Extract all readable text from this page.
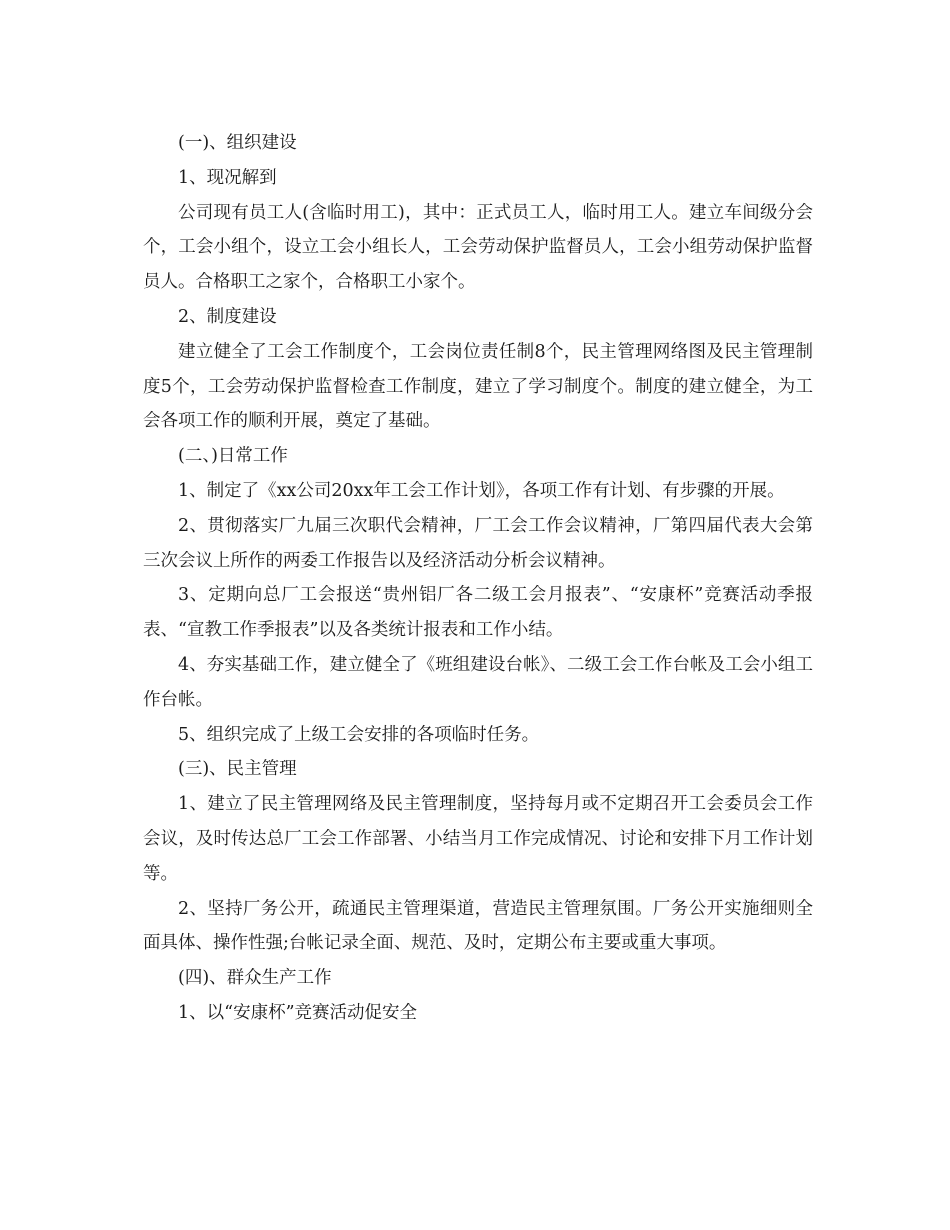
(一)、组织建设

1、现况解到

公司现有员工人(含临时用工)，其中：正式员工人，临时用工人。建立车间级分会个，工会小组个，设立工会小组长人，工会劳动保护监督员人，工会小组劳动保护监督员人。合格职工之家个，合格职工小家个。

2、制度建设

建立健全了工会工作制度个，工会岗位责任制8个，民主管理网络图及民主管理制度5个，工会劳动保护监督检查工作制度，建立了学习制度个。制度的建立健全，为工会各项工作的顺利开展，奠定了基础。

(二、)日常工作

1、制定了《xx公司20xx年工会工作计划》，各项工作有计划、有步骤的开展。

2、贯彻落实厂九届三次职代会精神，厂工会工作会议精神，厂第四届代表大会第三次会议上所作的两委工作报告以及经济活动分析会议精神。

3、定期向总厂工会报送“贵州铝厂各二级工会月报表”、“安康杯”竞赛活动季报表、“宣教工作季报表”以及各类统计报表和工作小结。

4、夯实基础工作，建立健全了《班组建设台帐》、二级工会工作台帐及工会小组工作台帐。

5、组织完成了上级工会安排的各项临时任务。

(三)、民主管理

1、建立了民主管理网络及民主管理制度，坚持每月或不定期召开工会委员会工作会议，及时传达总厂工会工作部署、小结当月工作完成情况、讨论和安排下月工作计划等。

2、坚持厂务公开，疏通民主管理渠道，营造民主管理氛围。厂务公开实施细则全面具体、操作性强;台帐记录全面、规范、及时，定期公布主要或重大事项。

(四)、群众生产工作

1、以“安康杯”竞赛活动促安全
